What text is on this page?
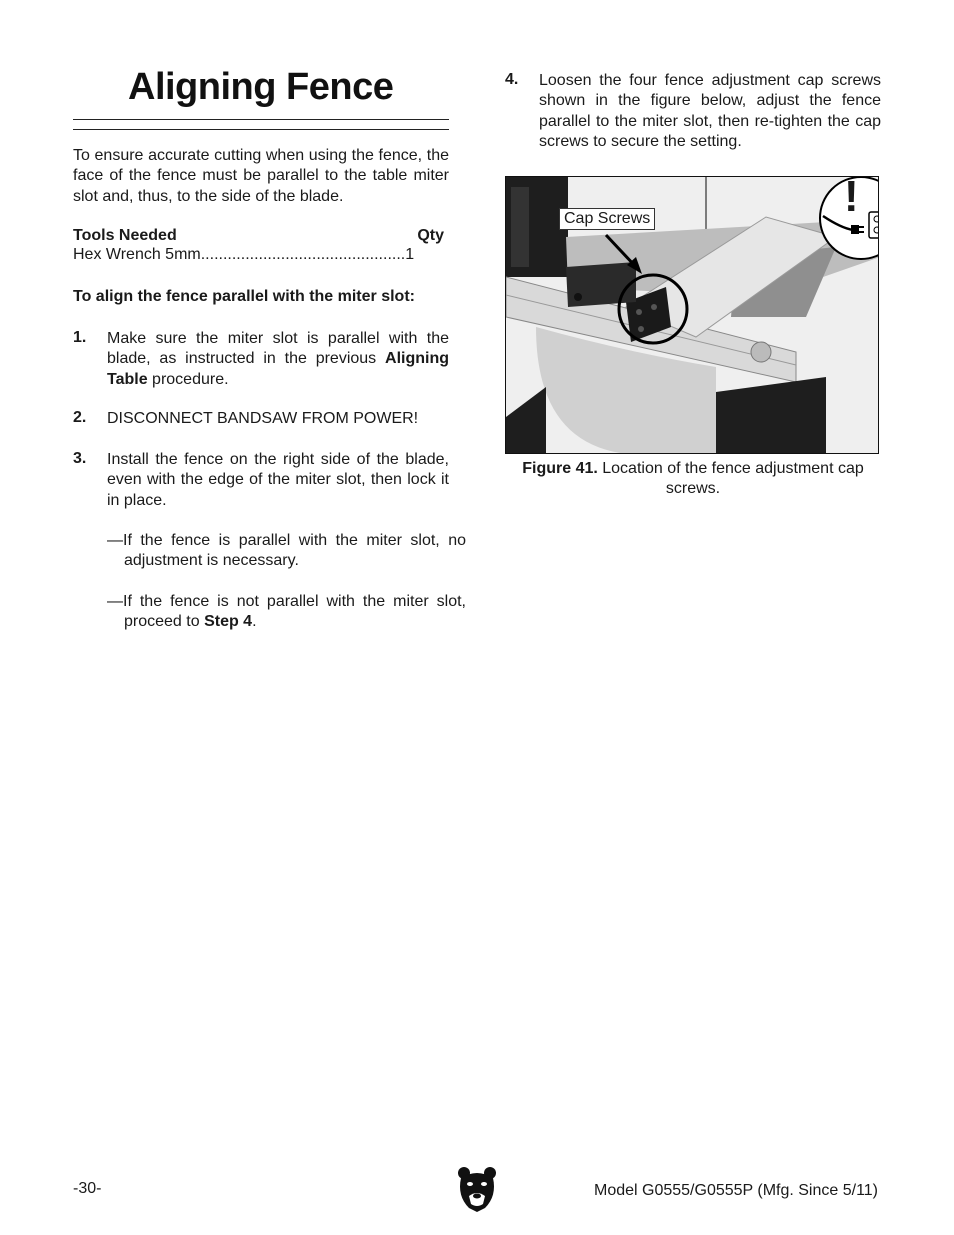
Aligning Fence

To ensure accurate cutting when using the fence, the face of the fence must be parallel to the table miter slot and, thus, to the side of the blade.

Tools Needed	Qty
Hex Wrench 5mm..............................................1
To align the fence parallel with the miter slot:
1.	Make sure the miter slot is parallel with the blade, as instructed in the previous Aligning Table procedure.
2.	DISCONNECT BANDSAW FROM POWER!
3.	Install the fence on the right side of the blade, even with the edge of the miter slot, then lock it in place.
—If the fence is parallel with the miter slot, no adjustment is necessary.
—If the fence is not parallel with the miter slot, proceed to Step 4.
4.	Loosen the four fence adjustment cap screws shown in the figure below, adjust the fence parallel to the miter slot, then re-tighten the cap screws to secure the setting.
Cap Screws	!
Figure 41. Location of the fence adjustment cap screws.
-30-	Model G0555/G0555P (Mfg. Since 5/11)
